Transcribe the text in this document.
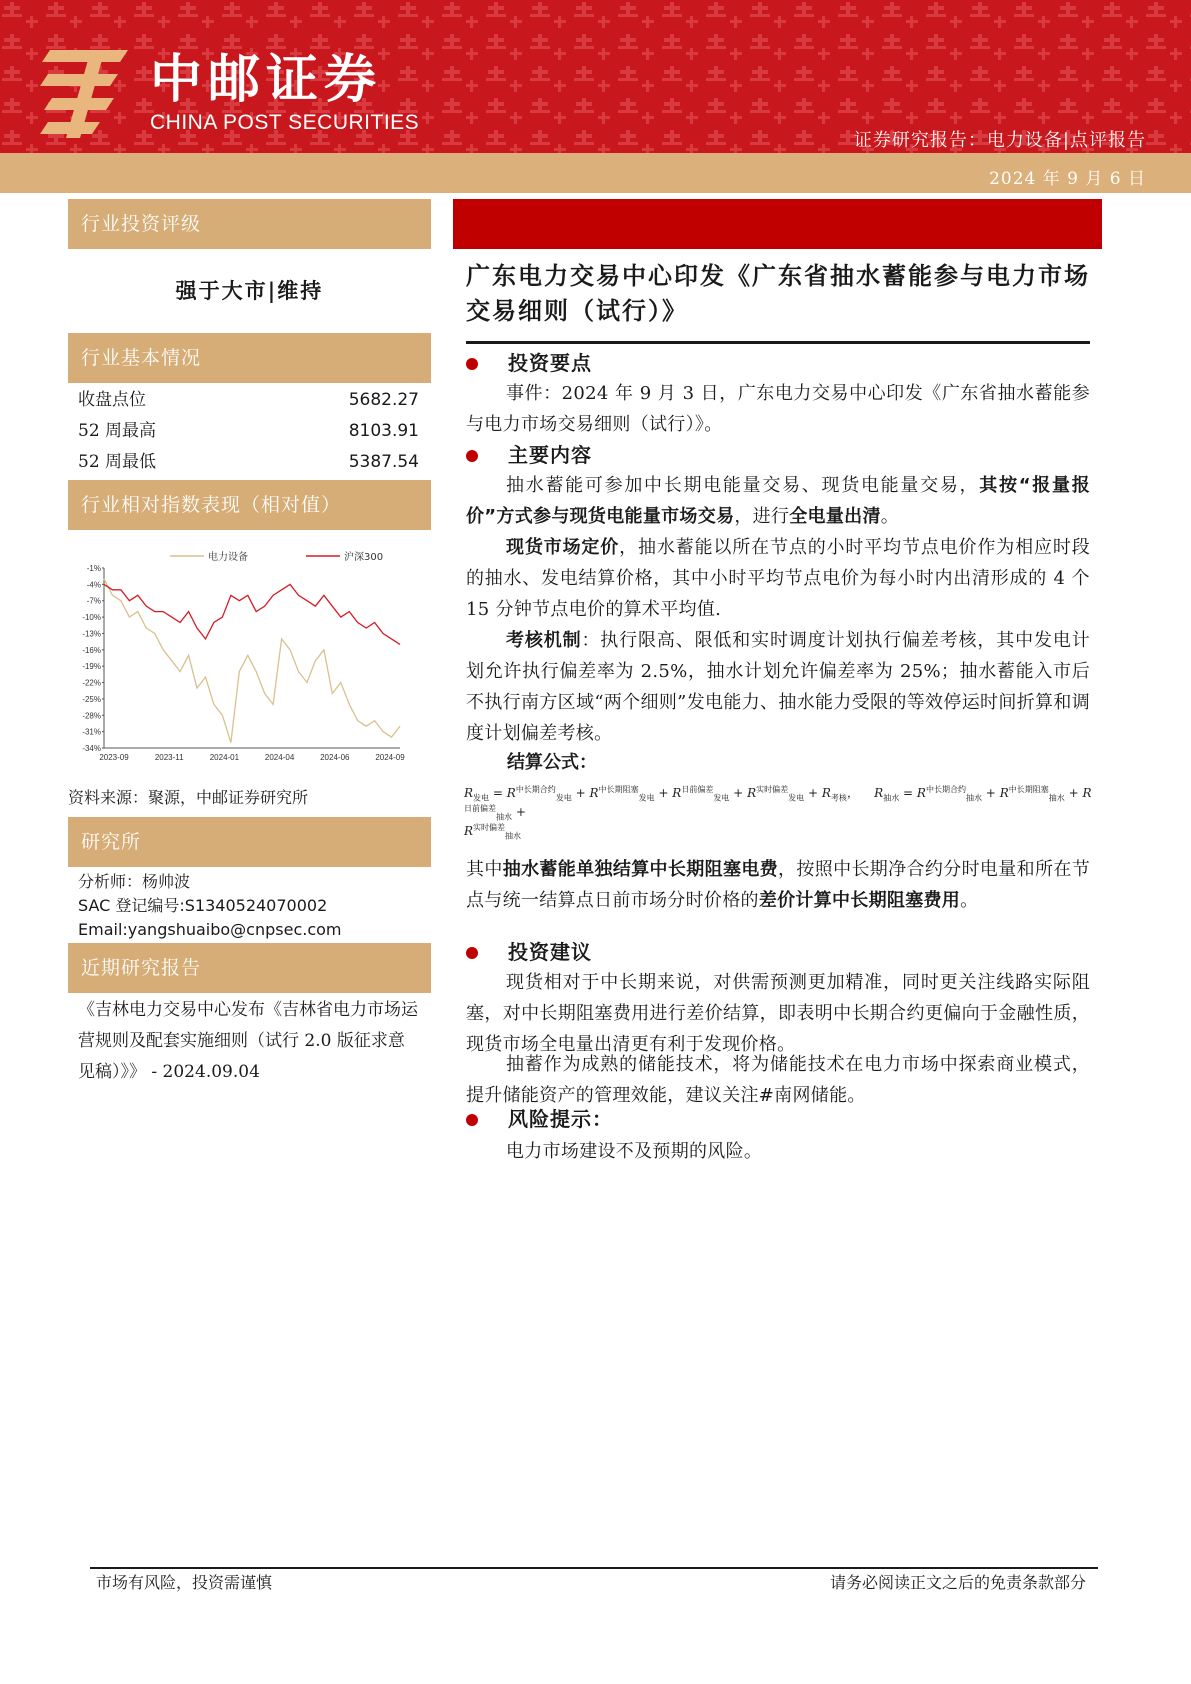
中邮证券
CHINA POST SECURITIES
证券研究报告：电力设备|点评报告
2024 年 9 月 6 日
行业投资评级
强于大市|维持
行业基本情况
收盘点位	5682.27
52 周最高	8103.91
52 周最低	5387.54
行业相对指数表现（相对值）
-1%
-4%
-7%
-10%
-13%
-16%
-19%
-22%
-25%
-28%
-31%
-34%
2023-09	2023-11	2024-01	2024-04	2024-06	2024-09
电力设备	沪深300
资料来源：聚源，中邮证券研究所
研究所
分析师：杨帅波
SAC 登记编号:S1340524070002
Email:yangshuaibo@cnpsec.com
近期研究报告
《吉林电力交易中心发布《吉林省电力市场运营规则及配套实施细则（试行 2.0 版征求意见稿）》》 - 2024.09.04
广东电力交易中心印发《广东省抽水蓄能参与电力市场交易细则（试行）》
投资要点
事件：2024 年 9 月 3 日，广东电力交易中心印发《广东省抽水蓄能参与电力市场交易细则（试行）》。
主要内容
抽水蓄能可参加中长期电能量交易、现货电能量交易，其按“报量报价”方式参与现货电能量市场交易，进行全电量出清。
现货市场定价，抽水蓄能以所在节点的小时平均节点电价作为相应时段的抽水、发电结算价格，其中小时平均节点电价为每小时内出清形成的 4 个 15 分钟节点电价的算术平均值.
考核机制：执行限高、限低和实时调度计划执行偏差考核，其中发电计划允许执行偏差率为 2.5%，抽水计划允许偏差率为 25%；抽水蓄能入市后不执行南方区域“两个细则”发电能力、抽水能力受限的等效停运时间折算和调度计划偏差考核。
结算公式：
$R_{发电} = R^{中长期合约}_{发电} + R^{中长期阻塞}_{发电} + R^{日前偏差}_{发电} + R^{实时偏差}_{发电} + R_{考核}$， $R_{抽水} = R^{中长期合约}_{抽水} + R^{中长期阻塞}_{抽水} + R^{日前偏差}_{抽水}$ +
$R^{实时偏差}_{抽水}$
其中抽水蓄能单独结算中长期阻塞电费，按照中长期净合约分时电量和所在节点与统一结算点日前市场分时价格的差价计算中长期阻塞费用。
投资建议
现货相对于中长期来说，对供需预测更加精准，同时更关注线路实际阻塞，对中长期阻塞费用进行差价结算，即表明中长期合约更偏向于金融性质，现货市场全电量出清更有利于发现价格。
抽蓄作为成熟的储能技术，将为储能技术在电力市场中探索商业模式，提升储能资产的管理效能，建议关注#南网储能。
风险提示：
电力市场建设不及预期的风险。
市场有风险，投资需谨慎	请务必阅读正文之后的免责条款部分
